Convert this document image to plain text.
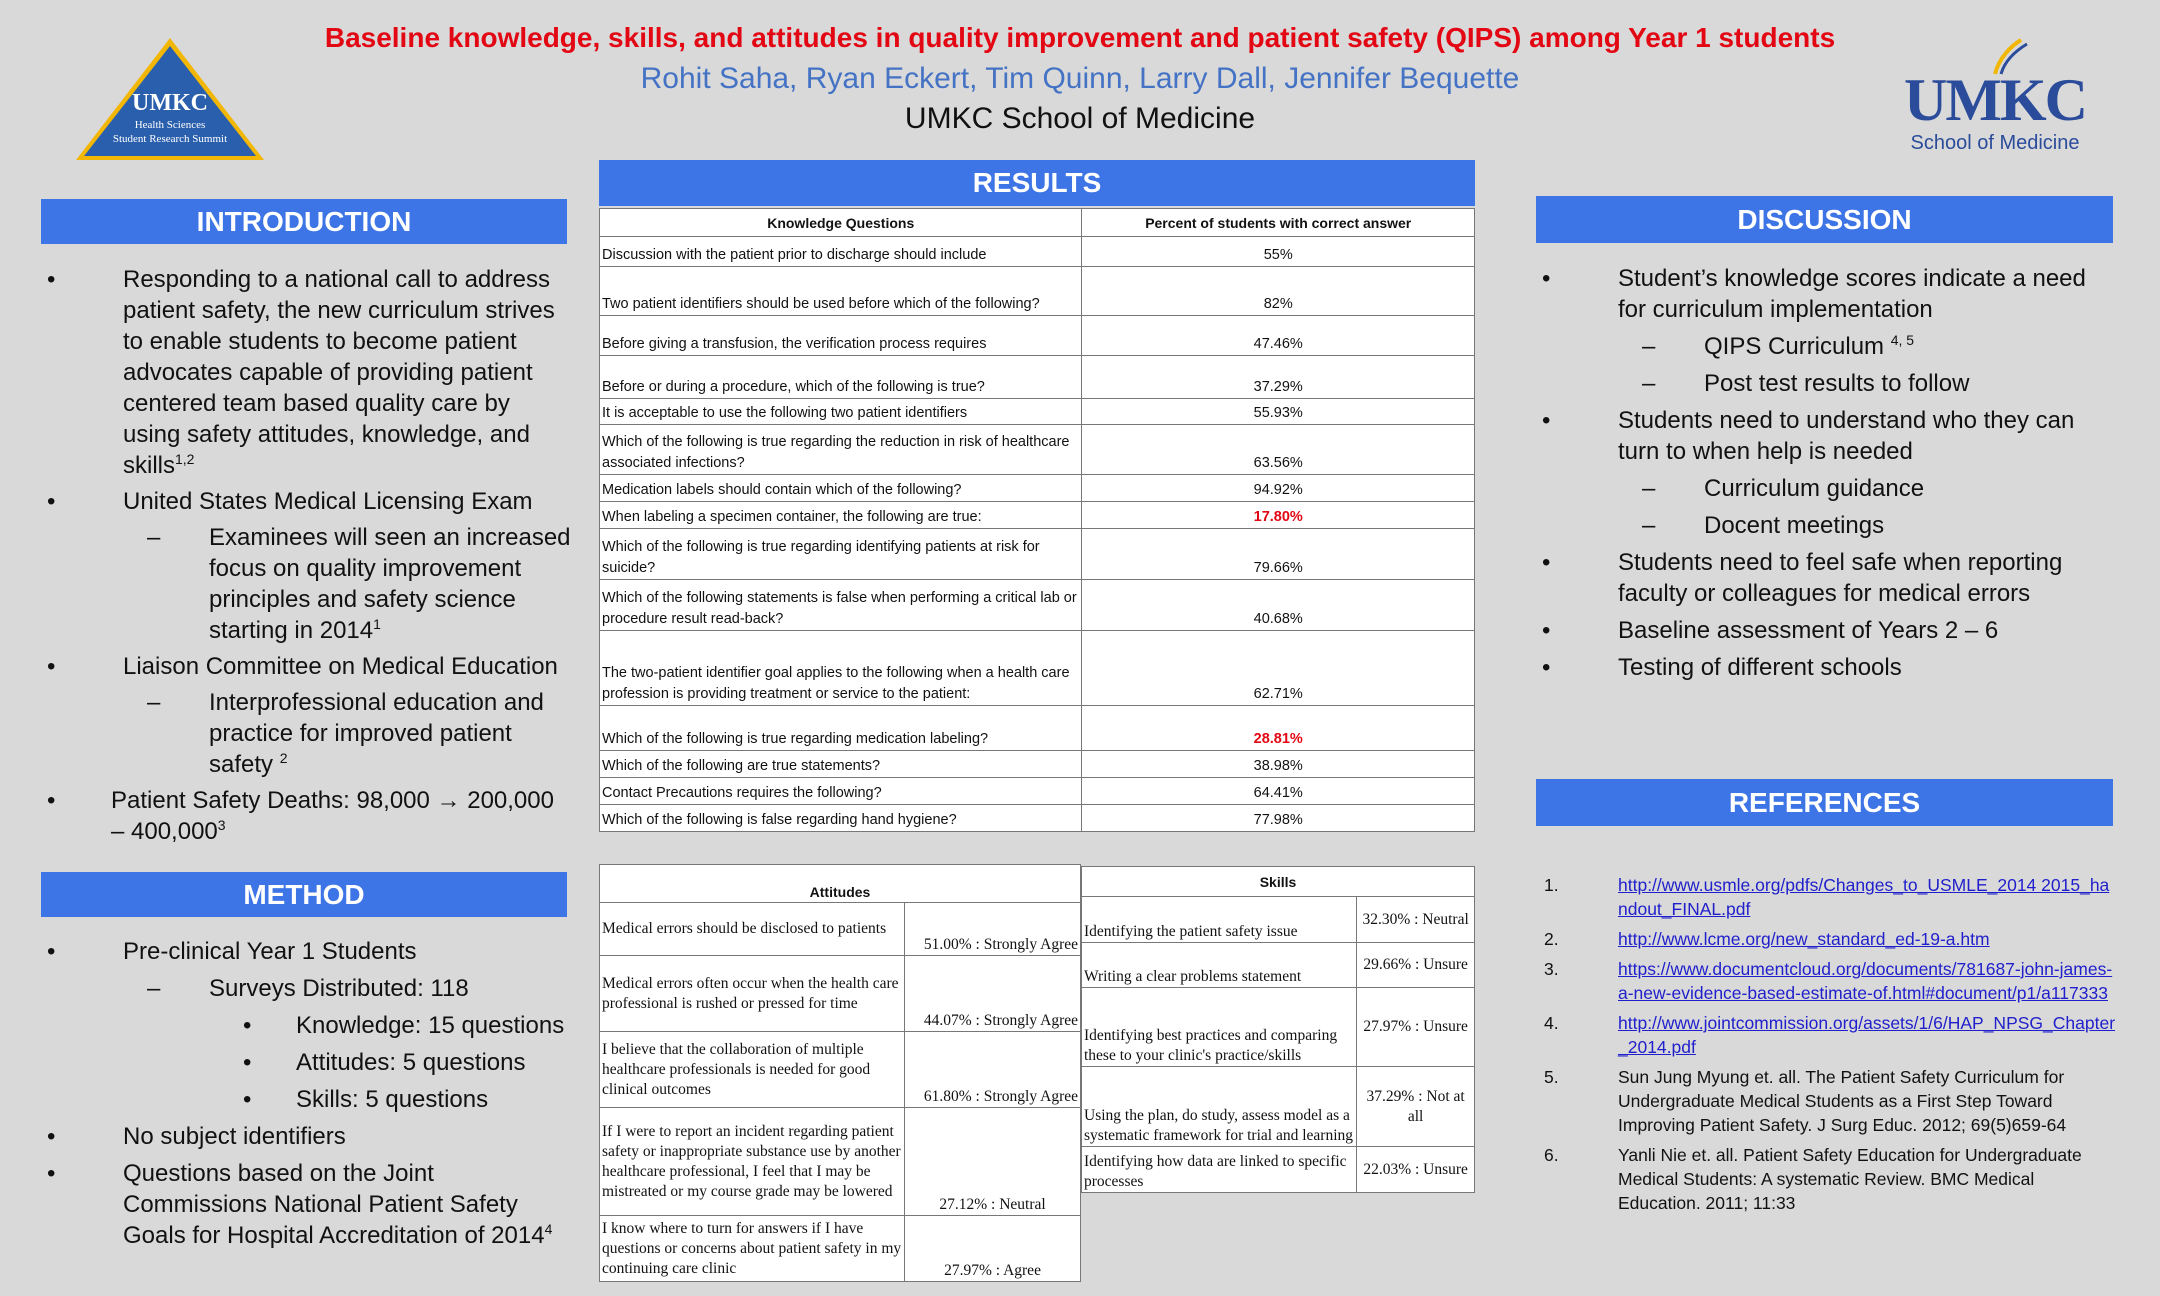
Baseline knowledge, skills, and attitudes in quality improvement and patient safety (QIPS) among Year 1 students
Rohit Saha, Ryan Eckert, Tim Quinn, Larry Dall, Jennifer Bequette
UMKC School of Medicine
UMKC
Health Sciences
Student Research Summit
UMKC
School of Medicine
INTRODUCTION
•	Responding to a national call to address patient safety, the new curriculum strives to enable students to become patient advocates capable of providing patient centered team based quality care by using safety attitudes, knowledge, and skills$^{1,2}$
•	United States Medical Licensing Exam
– Examinees will seen an increased focus on quality improvement principles and safety science starting in 2014$^1$
•	Liaison Committee on Medical Education
– Interprofessional education and practice for improved patient safety $^2$
• Patient Safety Deaths: 98,000 → 200,000 – 400,000$^3$
METHOD
•	Pre-clinical Year 1 Students
– Surveys Distributed: 118
• Knowledge: 15 questions
• Attitudes: 5 questions
• Skills: 5 questions
•	No subject identifiers
•	Questions based on the Joint Commissions National Patient Safety Goals for Hospital Accreditation of 2014$^4$
RESULTS
Knowledge Questions	Percent of students with correct answer
Discussion with the patient prior to discharge should include	55%
Two patient identifiers should be used before which of the following?	82%
Before giving a transfusion, the verification process requires	47.46%
Before or during a procedure, which of the following is true?	37.29%
It is acceptable to use the following two patient identifiers	55.93%
Which of the following is true regarding the reduction in risk of healthcare associated infections?	63.56%
Medication labels should contain which of the following?	94.92%
When labeling a specimen container, the following are true:	17.80%
Which of the following is true regarding identifying patients at risk for suicide?	79.66%
Which of the following statements is false when performing a critical lab or procedure result read-back?	40.68%
The two-patient identifier goal applies to the following when a health care profession is providing treatment or service to the patient:	62.71%
Which of the following is true regarding medication labeling?	28.81%
Which of the following are true statements?	38.98%
Contact Precautions requires the following?	64.41%
Which of the following is false regarding hand hygiene?	77.98%
Attitudes	
Medical errors should be disclosed to patients	51.00% : Strongly Agree
Medical errors often occur when the health care professional is rushed or pressed for time	44.07% : Strongly Agree
I believe that the collaboration of multiple healthcare professionals is needed for good clinical outcomes	61.80% : Strongly Agree
If I were to report an incident regarding patient safety or inappropriate substance use by another healthcare professional, I feel that I may be mistreated or my course grade may be lowered	27.12% : Neutral
I know where to turn for answers if I have questions or concerns about patient safety in my continuing care clinic	27.97% : Agree
Skills	
Identifying the patient safety issue	32.30% : Neutral
Writing a clear problems statement	29.66% : Unsure
Identifying best practices and comparing these to your clinic's practice/skills	27.97% : Unsure
Using the plan, do study, assess model as a systematic framework for trial and learning	37.29% : Not at all
Identifying how data are linked to specific processes	22.03% : Unsure
DISCUSSION
•	Student’s knowledge scores indicate a need for curriculum implementation
– QIPS Curriculum $^{4, 5}$
– Post test results to follow
•	Students need to understand who they can turn to when help is needed
– Curriculum guidance
– Docent meetings
•	Students need to feel safe when reporting faculty or colleagues for medical errors
•	Baseline assessment of Years 2 – 6
•	Testing of different schools
REFERENCES
1.	http://www.usmle.org/pdfs/Changes_to_USMLE_2014 2015_handout_FINAL.pdf
2.	http://www.lcme.org/new_standard_ed-19-a.htm
3.	https://www.documentcloud.org/documents/781687-john-james-a-new-evidence-based-estimate-of.html#document/p1/a117333
4.	http://www.jointcommission.org/assets/1/6/HAP_NPSG_Chapter_2014.pdf
5.	Sun Jung Myung et. all. The Patient Safety Curriculum for Undergraduate Medical Students as a First Step Toward Improving Patient Safety. J Surg Educ. 2012; 69(5)659-64
6.	Yanli Nie et. all. Patient Safety Education for Undergraduate Medical Students: A systematic Review. BMC Medical Education. 2011; 11:33
